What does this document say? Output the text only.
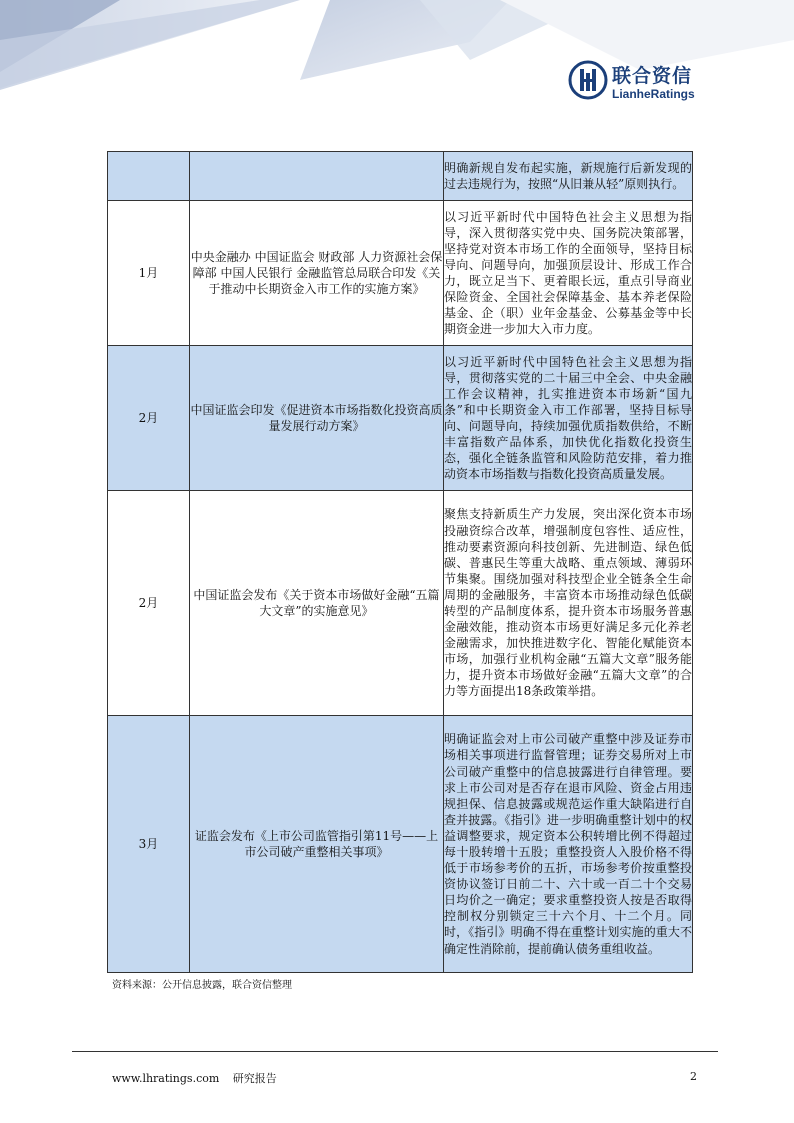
联合资信
LianheRatings
		明确新规自发布起实施，新规施行后新发现的过去违规行为，按照“从旧兼从轻”原则执行。
1月	中央金融办 中国证监会 财政部 人力资源社会保障部 中国人民银行 金融监管总局联合印发《关于推动中长期资金入市工作的实施方案》	以习近平新时代中国特色社会主义思想为指导，深入贯彻落实党中央、国务院决策部署，坚持党对资本市场工作的全面领导，坚持目标导向、问题导向，加强顶层设计、形成工作合力，既立足当下、更着眼长远，重点引导商业保险资金、全国社会保障基金、基本养老保险基金、企（职）业年金基金、公募基金等中长期资金进一步加大入市力度。
2月	中国证监会印发《促进资本市场指数化投资高质量发展行动方案》	以习近平新时代中国特色社会主义思想为指导，贯彻落实党的二十届三中全会、中央金融工作会议精神，扎实推进资本市场新“国九条”和中长期资金入市工作部署，坚持目标导向、问题导向，持续加强优质指数供给，不断丰富指数产品体系，加快优化指数化投资生态，强化全链条监管和风险防范安排，着力推动资本市场指数与指数化投资高质量发展。
2月	中国证监会发布《关于资本市场做好金融“五篇大文章”的实施意见》	聚焦支持新质生产力发展，突出深化资本市场投融资综合改革，增强制度包容性、适应性，推动要素资源向科技创新、先进制造、绿色低碳、普惠民生等重大战略、重点领域、薄弱环节集聚。围绕加强对科技型企业全链条全生命周期的金融服务，丰富资本市场推动绿色低碳转型的产品制度体系，提升资本市场服务普惠金融效能，推动资本市场更好满足多元化养老金融需求，加快推进数字化、智能化赋能资本市场，加强行业机构金融“五篇大文章”服务能力，提升资本市场做好金融“五篇大文章”的合力等方面提出18条政策举措。
3月	证监会发布《上市公司监管指引第11号——上市公司破产重整相关事项》	明确证监会对上市公司破产重整中涉及证券市场相关事项进行监督管理；证券交易所对上市公司破产重整中的信息披露进行自律管理。要求上市公司对是否存在退市风险、资金占用违规担保、信息披露或规范运作重大缺陷进行自查并披露。《指引》进一步明确重整计划中的权益调整要求，规定资本公积转增比例不得超过每十股转增十五股；重整投资人入股价格不得低于市场参考价的五折，市场参考价按重整投资协议签订日前二十、六十或一百二十个交易日均价之一确定；要求重整投资人按是否取得控制权分别锁定三十六个月、十二个月。同时，《指引》明确不得在重整计划实施的重大不确定性消除前，提前确认债务重组收益。
资料来源：公开信息披露，联合资信整理
www.lhratings.com 研究报告	2
